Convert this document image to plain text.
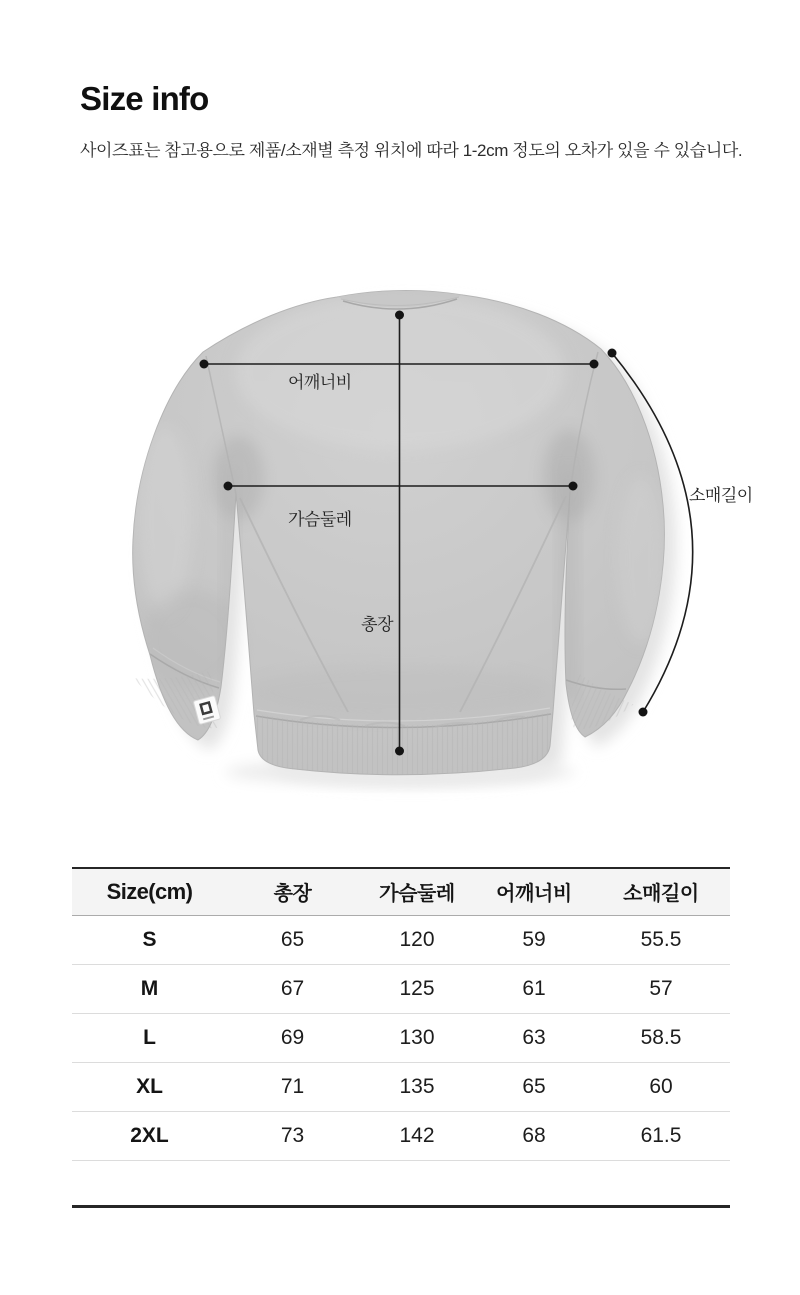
Size info

사이즈표는 참고용으로 제품/소재별 측정 위치에 따라 1-2cm 정도의 오차가 있을 수 있습니다.

어깨너비
가슴둘레
총장
소매길이
Size(cm)	총장	가슴둘레	어깨너비	소매길이
S	65	120	59	55.5
M	67	125	61	57
L	69	130	63	58.5
XL	71	135	65	60
2XL	73	142	68	61.5
